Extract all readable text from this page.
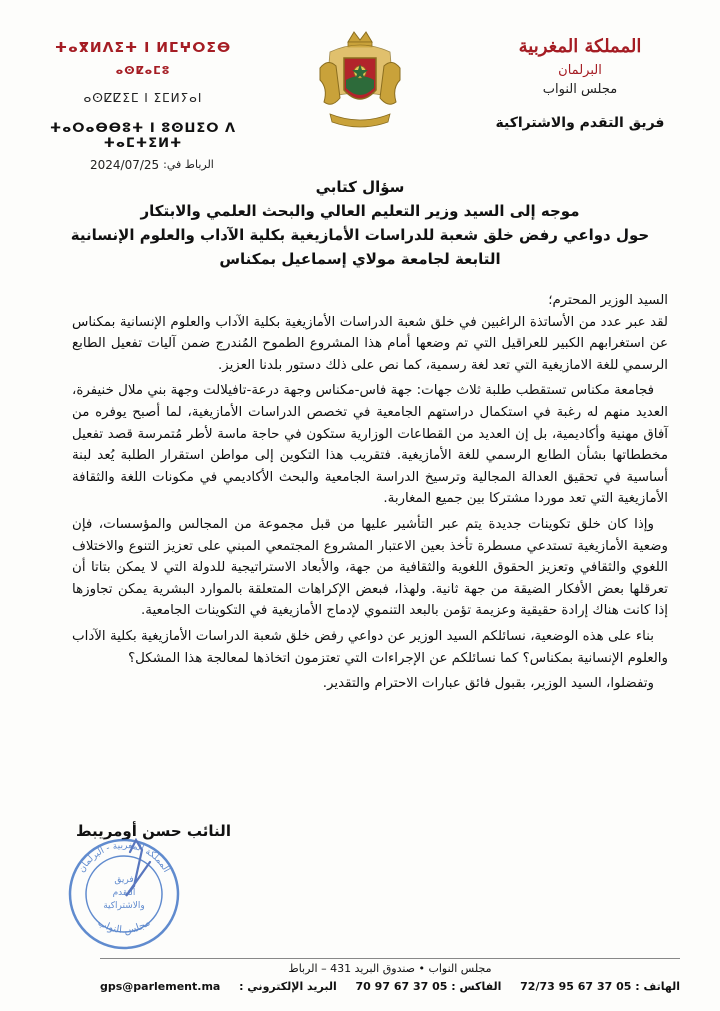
المملكة المغربية
البرلمان
مجلس النواب
فريق التقدم والاشتراكية
ⵜⴰⴳⵍⴷⵉⵜ ⵏ ⵍⵎⵖⵔⵉⴱ
ⴰⵙⵇⴰⵎⵓ
ⴰⵙⵇⵇⵉⵎ ⵏ ⵉⵎⵍⵢⴰⵏ
ⵜⴰⵔⴰⴱⴱⵓⵜ ⵏ ⵓⵙⵡⵉⵔ ⴷ ⵜⴰⵎⵜⵉⵍⵜ
الرباط في:
2024/07/25
سؤال كتابي
موجه إلى السيد وزير التعليم العالي والبحث العلمي والابتكار
حول دواعي رفض خلق شعبة للدراسات الأمازيغية بكلية الآداب والعلوم الإنسانية
التابعة لجامعة مولاي إسماعيل بمكناس

السيد الوزير المحترم؛

لقد عبر عدد من الأساتذة الراغبين في خلق شعبة الدراسات الأمازيغية بكلية الآداب والعلوم الإنسانية بمكناس عن استغرابهم الكبير للعراقيل التي تم وضعها أمام هذا المشروع الطموح المُندرج ضمن آليات تفعيل الطابع الرسمي للغة الامازيغية التي تعد لغة رسمية، كما نص على ذلك دستور بلدنا العزيز.

فجامعة مكناس تستقطب طلبة ثلاث جهات: جهة فاس-مكناس وجهة درعة-تافيلالت وجهة بني ملال خنيفرة، العديد منهم له رغبة في استكمال دراستهم الجامعية في تخصص الدراسات الأمازيغية، لما أصبح يوفره من آفاق مهنية وأكاديمية، بل إن العديد من القطاعات الوزارية ستكون في حاجة ماسة لأطر مُتمرسة قصد تفعيل مخططاتها بشأن الطابع الرسمي للغة الأمازيغية. فتقريب هذا التكوين إلى مواطن استقرار الطلبة يُعد لبنة أساسية في تحقيق العدالة المجالية وترسيخ الدراسة الجامعية والبحث الأكاديمي في مكونات اللغة والثقافة الأمازيغية التي تعد موردا مشتركا بين جميع المغاربة.

وإذا كان خلق تكوينات جديدة يتم عبر التأشير عليها من قبل مجموعة من المجالس والمؤسسات، فإن وضعية الأمازيغية تستدعي مسطرة تأخذ بعين الاعتبار المشروع المجتمعي المبني على تعزيز التنوع والاختلاف اللغوي والثقافي وتعزيز الحقوق اللغوية والثقافية من جهة، والأبعاد الاستراتيجية للدولة التي لا يمكن بتاتا أن تعرقلها بعض الأفكار الضيقة من جهة ثانية. ولهذا، فبعض الإكراهات المتعلقة بالموارد البشرية يمكن تجاوزها إذا كانت هناك إرادة حقيقية وعزيمة تؤمن بالبعد التنموي لإدماج الأمازيغية في التكوينات الجامعية.

بناء على هذه الوضعية، نسائلكم السيد الوزير عن دواعي رفض خلق شعبة الدراسات الأمازيغية بكلية الآداب والعلوم الإنسانية بمكناس؟ كما نسائلكم عن الإجراءات التي تعتزمون اتخاذها لمعالجة هذا المشكل؟

وتفضلوا، السيد الوزير، بقبول فائق عبارات الاحترام والتقدير.

النائب حسن أومريبط
المملكة المغربية - البرلمان
مجلس النواب
فريق
التقدم
والاشتراكية
مجلس النواب • صندوق البريد 431 – الرباط
الهاتف : 05 37 67 95 72/73
الفاكس : 05 37 67 97 70
البريد الإلكتروني :
gps@parlement.ma
